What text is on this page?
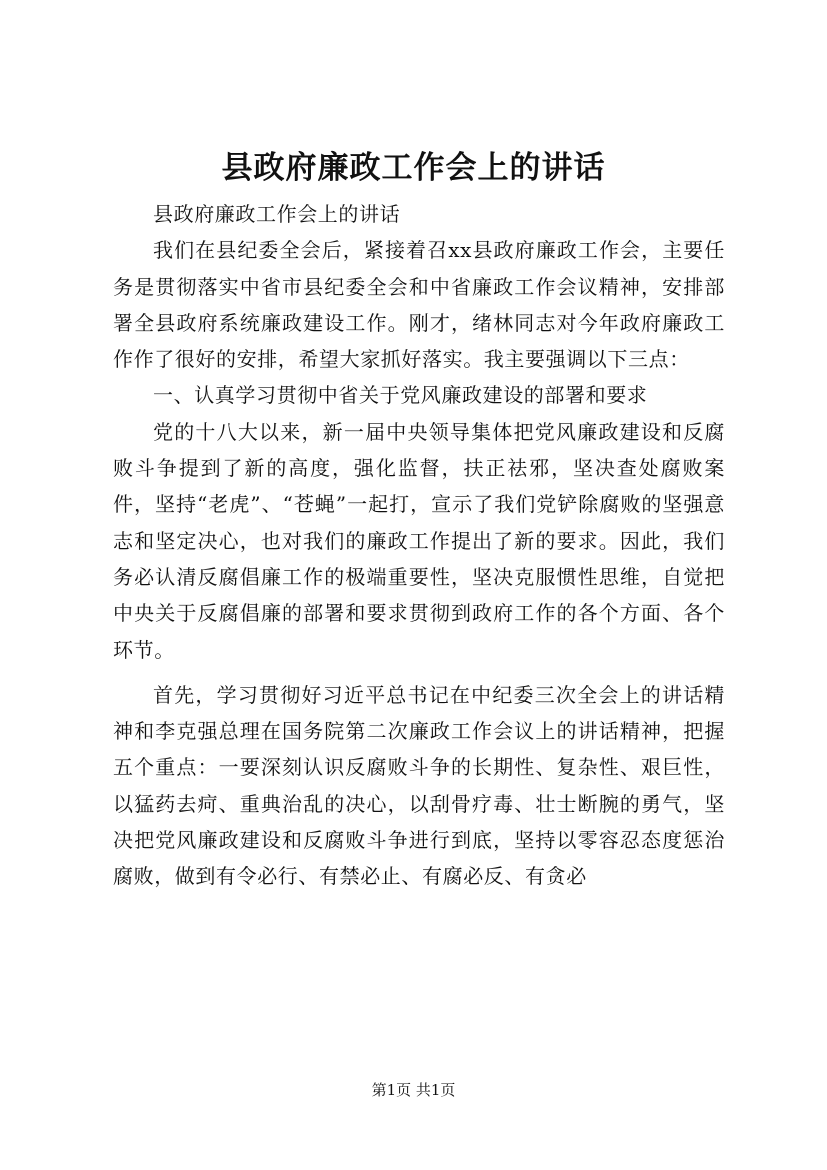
县政府廉政工作会上的讲话

县政府廉政工作会上的讲话

我们在县纪委全会后，紧接着召xx县政府廉政工作会，主要任务是贯彻落实中省市县纪委全会和中省廉政工作会议精神，安排部署全县政府系统廉政建设工作。刚才，绪林同志对今年政府廉政工作作了很好的安排，希望大家抓好落实。我主要强调以下三点：

一、认真学习贯彻中省关于党风廉政建设的部署和要求

党的十八大以来，新一届中央领导集体把党风廉政建设和反腐败斗争提到了新的高度，强化监督，扶正祛邪，坚决查处腐败案件，坚持“老虎”、“苍蝇”一起打，宣示了我们党铲除腐败的坚强意志和坚定决心，也对我们的廉政工作提出了新的要求。因此，我们务必认清反腐倡廉工作的极端重要性，坚决克服惯性思维，自觉把中央关于反腐倡廉的部署和要求贯彻到政府工作的各个方面、各个环节。

首先，学习贯彻好习近平总书记在中纪委三次全会上的讲话精神和李克强总理在国务院第二次廉政工作会议上的讲话精神，把握五个重点：一要深刻认识反腐败斗争的长期性、复杂性、艰巨性，以猛药去疴、重典治乱的决心，以刮骨疗毒、壮士断腕的勇气，坚决把党风廉政建设和反腐败斗争进行到底，坚持以零容忍态度惩治腐败，做到有令必行、有禁必止、有腐必反、有贪必

第1页 共1页
